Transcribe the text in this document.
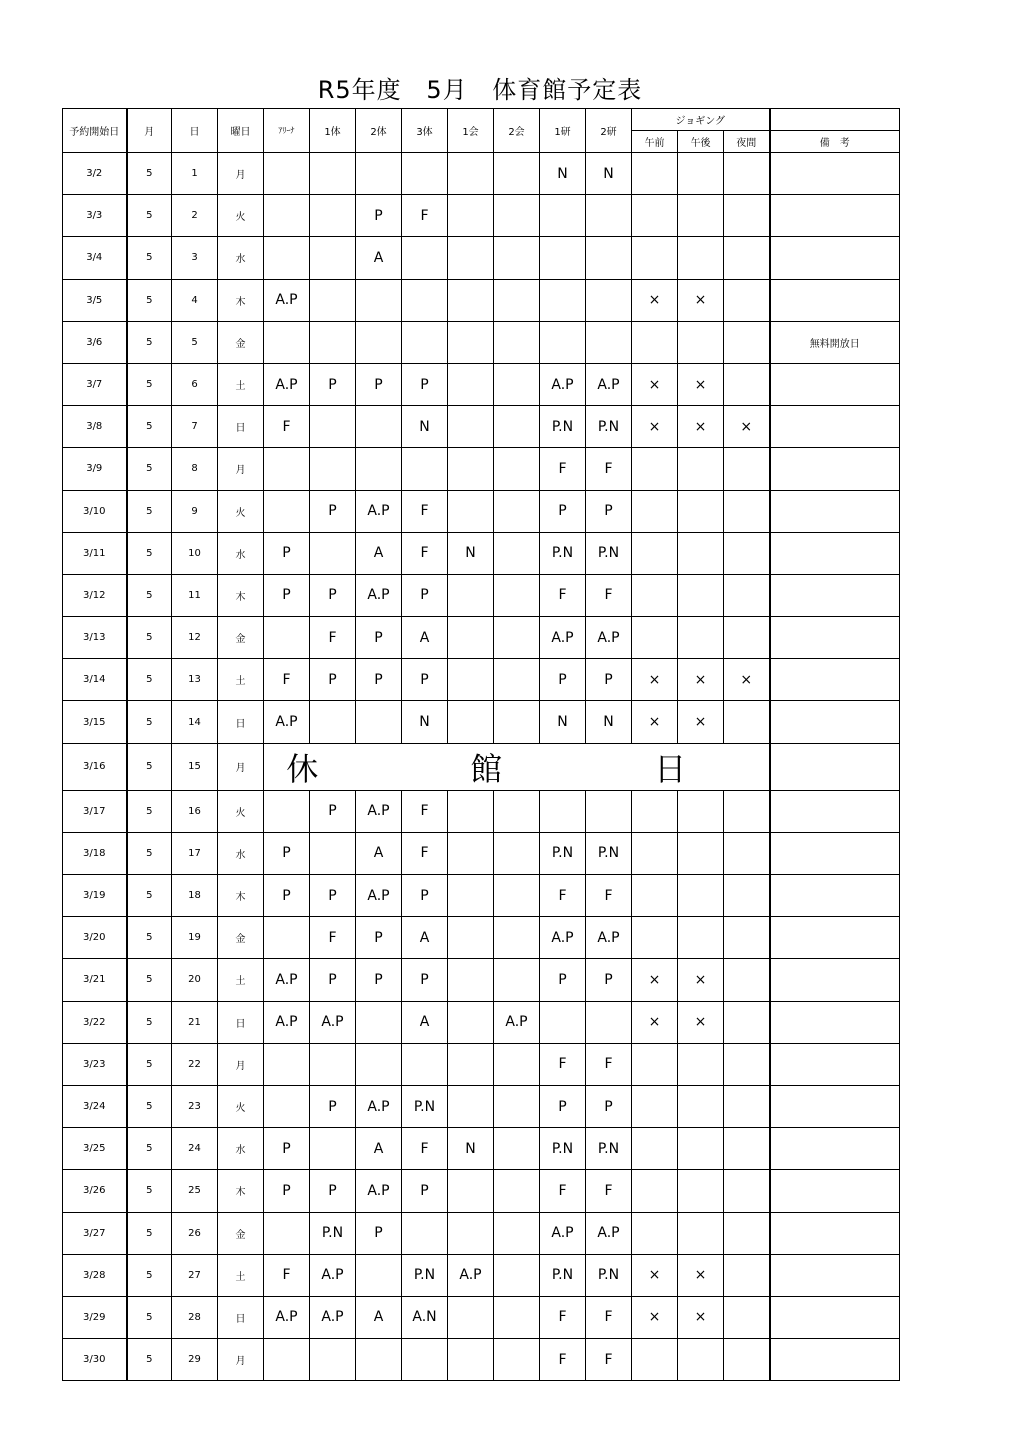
R5年度 5月 体育館予定表
予約開始日	月	日	曜日	ｱﾘｰﾅ	1体	2体	3体	1会	2会	1研	2研	ジョギング			
												午前	午後	夜間	備　考
3/2	5	1	月							N	N				
3/3	5	2	火			P	F								
3/4	5	3	水			A									
3/5	5	4	木	A.P								×	×		
3/6	5	5	金												無料開放日
3/7	5	6	土	A.P	P	P	P			A.P	A.P	×	×		
3/8	5	7	日	F			N			P.N	P.N	×	×	×	
3/9	5	8	月							F	F				
3/10	5	9	火		P	A.P	F			P	P				
3/11	5	10	水	P		A	F	N		P.N	P.N				
3/12	5	11	木	P	P	A.P	P			F	F				
3/13	5	12	金		F	P	A			A.P	A.P				
3/14	5	13	土	F	P	P	P			P	P	×	×	×	
3/15	5	14	日	A.P			N			N	N	×	×		
3/16	5	15	月	休　館　日											
3/17	5	16	火		P	A.P	F								
3/18	5	17	水	P		A	F			P.N	P.N				
3/19	5	18	木	P	P	A.P	P			F	F				
3/20	5	19	金		F	P	A			A.P	A.P				
3/21	5	20	土	A.P	P	P	P			P	P	×	×		
3/22	5	21	日	A.P	A.P		A		A.P			×	×		
3/23	5	22	月							F	F				
3/24	5	23	火		P	A.P	P.N			P	P				
3/25	5	24	水	P		A	F	N		P.N	P.N				
3/26	5	25	木	P	P	A.P	P			F	F				
3/27	5	26	金		P.N	P				A.P	A.P				
3/28	5	27	土	F	A.P		P.N	A.P		P.N	P.N	×	×		
3/29	5	28	日	A.P	A.P	A	A.N			F	F	×	×		
3/30	5	29	月							F	F				
